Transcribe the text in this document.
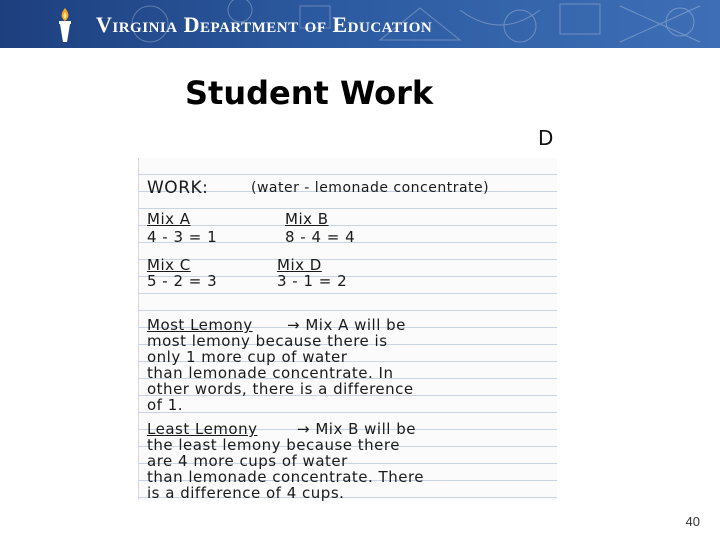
Virginia Department of Education
Student Work
D
WORK:	(water - lemonade concentrate)
Mix A
4 - 3 = 1
Mix B
8 - 4 = 4
Mix C
5 - 2 = 3
Mix D
3 - 1 = 2
Most Lemony → Mix A will be
most lemony because there is
only 1 more cup of water
than lemonade concentrate. In
other words, there is a difference
of 1.
Least Lemony	→ Mix B will be
the least lemony because there
are 4 more cups of water
than lemonade concentrate. There
is a difference of 4 cups.
40
